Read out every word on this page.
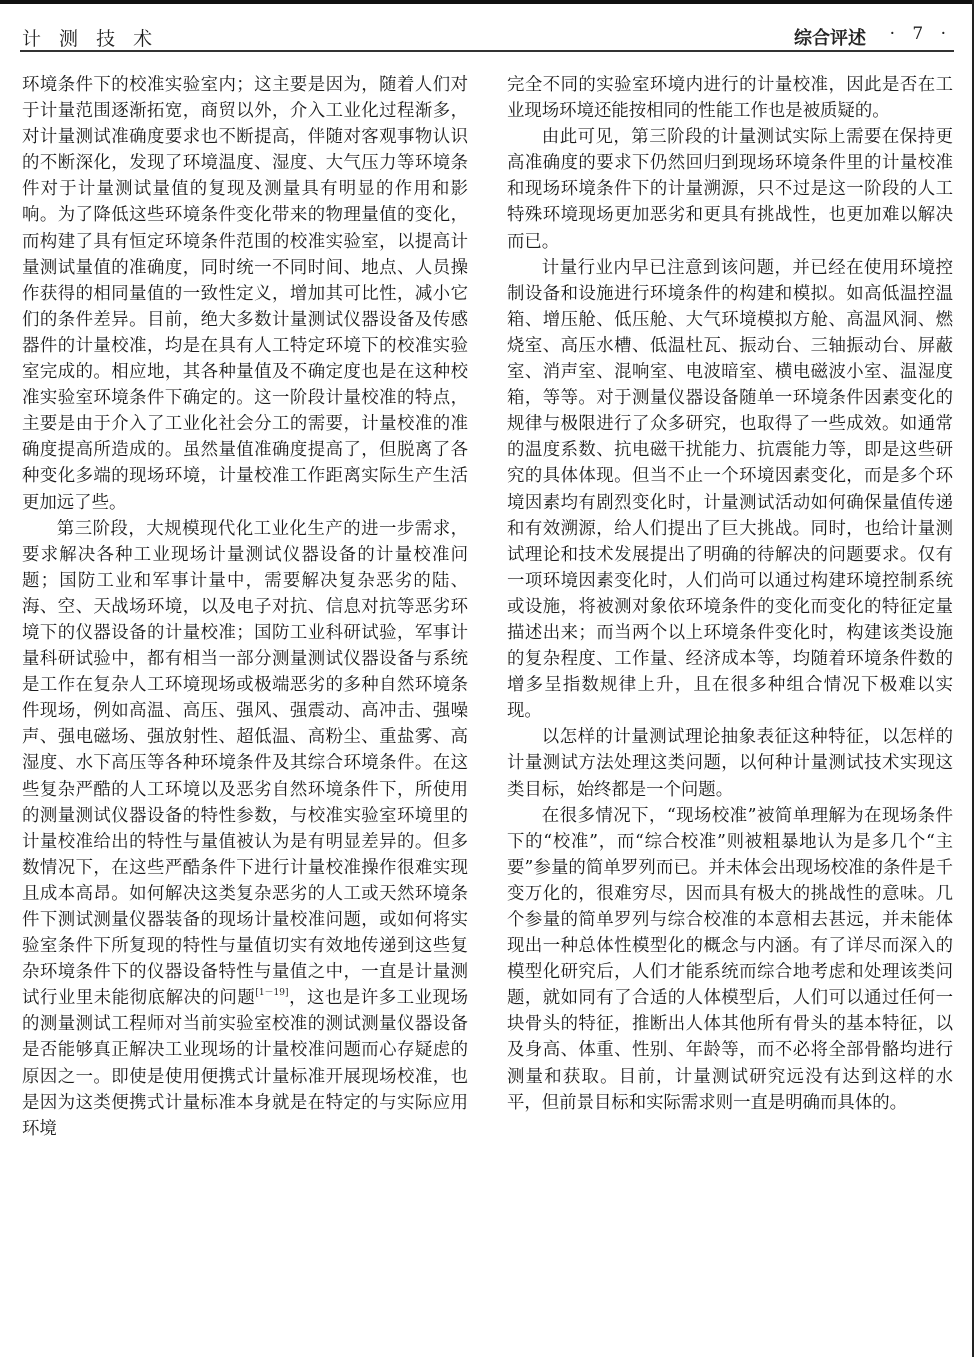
计 测 技 术	综合评述 · 7 ·

环境条件下的校准实验室内；这主要是因为，随着人们对于计量范围逐渐拓宽，商贸以外，介入工业化过程渐多，对计量测试准确度要求也不断提高，伴随对客观事物认识的不断深化，发现了环境温度、湿度、大气压力等环境条件对于计量测试量值的复现及测量具有明显的作用和影响。为了降低这些环境条件变化带来的物理量值的变化，而构建了具有恒定环境条件范围的校准实验室，以提高计量测试量值的准确度，同时统一不同时间、地点、人员操作获得的相同量值的一致性定义，增加其可比性，减小它们的条件差异。目前，绝大多数计量测试仪器设备及传感器件的计量校准，均是在具有人工特定环境下的校准实验室完成的。相应地，其各种量值及不确定度也是在这种校准实验室环境条件下确定的。这一阶段计量校准的特点，主要是由于介入了工业化社会分工的需要，计量校准的准确度提高所造成的。虽然量值准确度提高了，但脱离了各种变化多端的现场环境，计量校准工作距离实际生产生活更加远了些。

第三阶段，大规模现代化工业化生产的进一步需求，要求解决各种工业现场计量测试仪器设备的计量校准问题；国防工业和军事计量中，需要解决复杂恶劣的陆、海、空、天战场环境，以及电子对抗、信息对抗等恶劣环境下的仪器设备的计量校准；国防工业科研试验，军事计量科研试验中，都有相当一部分测量测试仪器设备与系统是工作在复杂人工环境现场或极端恶劣的多种自然环境条件现场，例如高温、高压、强风、强震动、高冲击、强噪声、强电磁场、强放射性、超低温、高粉尘、重盐雾、高湿度、水下高压等各种环境条件及其综合环境条件。在这些复杂严酷的人工环境以及恶劣自然环境条件下，所使用的测量测试仪器设备的特性参数，与校准实验室环境里的计量校准给出的特性与量值被认为是有明显差异的。但多数情况下，在这些严酷条件下进行计量校准操作很难实现且成本高昂。如何解决这类复杂恶劣的人工或天然环境条件下测试测量仪器装备的现场计量校准问题，或如何将实验室条件下所复现的特性与量值切实有效地传递到这些复杂环境条件下的仪器设备特性与量值之中，一直是计量测试行业里未能彻底解决的问题[1－19]，这也是许多工业现场的测量测试工程师对当前实验室校准的测试测量仪器设备是否能够真正解决工业现场的计量校准问题而心存疑虑的原因之一。即使是使用便携式计量标准开展现场校准，也是因为这类便携式计量标准本身就是在特定的与实际应用环境

完全不同的实验室环境内进行的计量校准，因此是否在工业现场环境还能按相同的性能工作也是被质疑的。

由此可见，第三阶段的计量测试实际上需要在保持更高准确度的要求下仍然回归到现场环境条件里的计量校准和现场环境条件下的计量溯源，只不过是这一阶段的人工特殊环境现场更加恶劣和更具有挑战性，也更加难以解决而已。

计量行业内早已注意到该问题，并已经在使用环境控制设备和设施进行环境条件的构建和模拟。如高低温控温箱、增压舱、低压舱、大气环境模拟方舱、高温风洞、燃烧室、高压水槽、低温杜瓦、振动台、三轴振动台、屏蔽室、消声室、混响室、电波暗室、横电磁波小室、温湿度箱，等等。对于测量仪器设备随单一环境条件因素变化的规律与极限进行了众多研究，也取得了一些成效。如通常的温度系数、抗电磁干扰能力、抗震能力等，即是这些研究的具体体现。但当不止一个环境因素变化，而是多个环境因素均有剧烈变化时，计量测试活动如何确保量值传递和有效溯源，给人们提出了巨大挑战。同时，也给计量测试理论和技术发展提出了明确的待解决的问题要求。仅有一项环境因素变化时，人们尚可以通过构建环境控制系统或设施，将被测对象依环境条件的变化而变化的特征定量描述出来；而当两个以上环境条件变化时，构建该类设施的复杂程度、工作量、经济成本等，均随着环境条件数的增多呈指数规律上升，且在很多种组合情况下极难以实现。

以怎样的计量测试理论抽象表征这种特征，以怎样的计量测试方法处理这类问题，以何种计量测试技术实现这类目标，始终都是一个问题。

在很多情况下，“现场校准”被简单理解为在现场条件下的“校准”，而“综合校准”则被粗暴地认为是多几个“主要”参量的简单罗列而已。并未体会出现场校准的条件是千变万化的，很难穷尽，因而具有极大的挑战性的意味。几个参量的简单罗列与综合校准的本意相去甚远，并未能体现出一种总体性模型化的概念与内涵。有了详尽而深入的模型化研究后，人们才能系统而综合地考虑和处理该类问题，就如同有了合适的人体模型后，人们可以通过任何一块骨头的特征，推断出人体其他所有骨头的基本特征，以及身高、体重、性别、年龄等，而不必将全部骨骼均进行测量和获取。目前，计量测试研究远没有达到这样的水平，但前景目标和实际需求则一直是明确而具体的。
